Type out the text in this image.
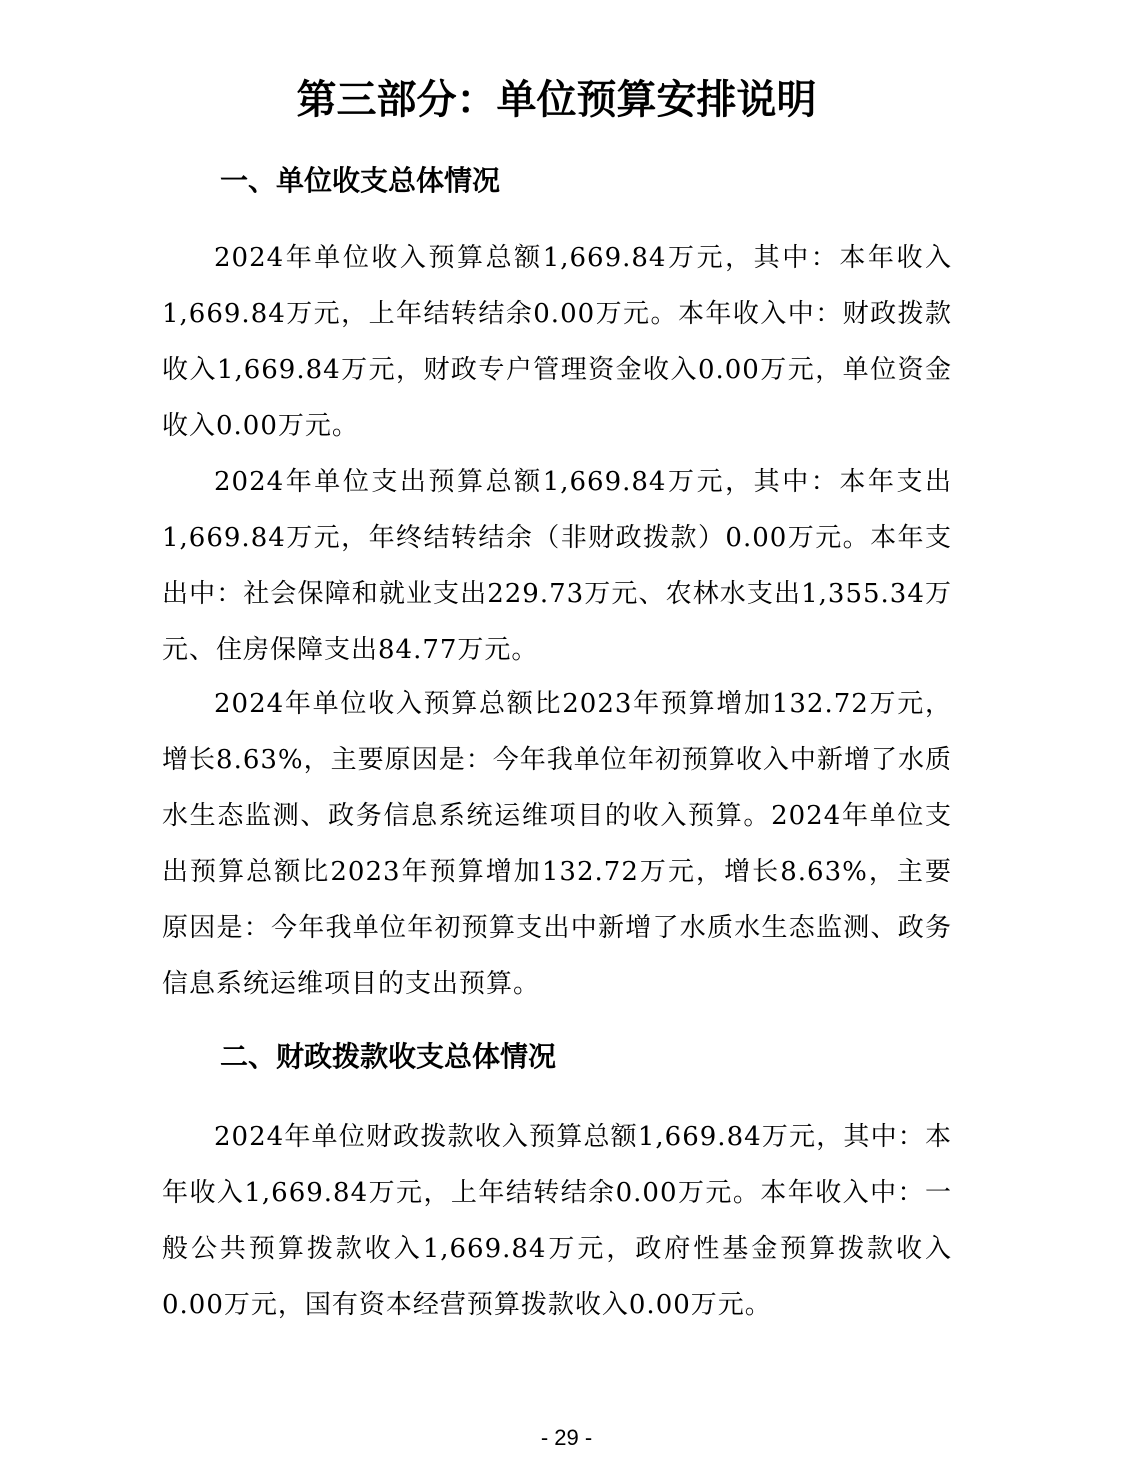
第三部分：单位预算安排说明
一、单位收支总体情况

2024年单位收入预算总额1,669.84万元，其中：本年收入1,669.84万元，上年结转结余0.00万元。本年收入中：财政拨款收入1,669.84万元，财政专户管理资金收入0.00万元，单位资金收入0.00万元。

2024年单位支出预算总额1,669.84万元，其中：本年支出1,669.84万元，年终结转结余（非财政拨款）0.00万元。本年支出中：社会保障和就业支出229.73万元、农林水支出1,355.34万元、住房保障支出84.77万元。

2024年单位收入预算总额比2023年预算增加132.72万元，增长8.63%，主要原因是：今年我单位年初预算收入中新增了水质水生态监测、政务信息系统运维项目的收入预算。2024年单位支出预算总额比2023年预算增加132.72万元，增长8.63%，主要原因是：今年我单位年初预算支出中新增了水质水生态监测、政务信息系统运维项目的支出预算。

二、财政拨款收支总体情况

2024年单位财政拨款收入预算总额1,669.84万元，其中：本年收入1,669.84万元，上年结转结余0.00万元。本年收入中：一般公共预算拨款收入1,669.84万元，政府性基金预算拨款收入0.00万元，国有资本经营预算拨款收入0.00万元。

- 29 -
